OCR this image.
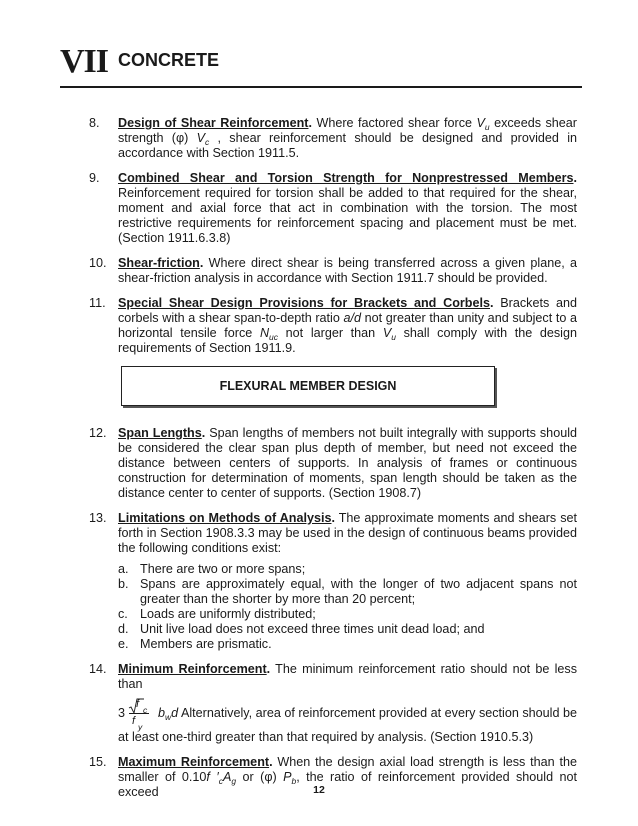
VII CONCRETE
8. Design of Shear Reinforcement. Where factored shear force $V_u$ exceeds shear strength (φ) $V_c$ , shear reinforcement should be designed and provided in accordance with Section 1911.5.
9. Combined Shear and Torsion Strength for Nonprestressed Members. Reinforcement required for torsion shall be added to that required for the shear, moment and axial force that act in combination with the torsion. The most restrictive requirements for reinforcement spacing and placement must be met. (Section 1911.6.3.8)
10. Shear-friction. Where direct shear is being transferred across a given plane, a shear-friction analysis in accordance with Section 1911.7 should be provided.
11. Special Shear Design Provisions for Brackets and Corbels. Brackets and corbels with a shear span-to-depth ratio a/d not greater than unity and subject to a horizontal tensile force $N_{uc}$ not larger than $V_u$ shall comply with the design requirements of Section 1911.9.
FLEXURAL MEMBER DESIGN
12. Span Lengths. Span lengths of members not built integrally with supports should be considered the clear span plus depth of member, but need not exceed the distance between centers of supports. In analysis of frames or continuous construction for determination of moments, span length should be taken as the distance center to center of supports. (Section 1908.7)
13. Limitations on Methods of Analysis. The approximate moments and shears set forth in Section 1908.3.3 may be used in the design of continuous beams provided the following conditions exist:
a. There are two or more spans;
b. Spans are approximately equal, with the longer of two adjacent spans not greater than the shorter by more than 20 percent;
c. Loads are uniformly distributed;
d. Unit live load does not exceed three times unit dead load; and
e. Members are prismatic.
14. Minimum Reinforcement. The minimum reinforcement ratio should not be less than
3
f c
f y
$b_wd$ Alternatively, area of reinforcement provided at every section should be
at least one-third greater than that required by analysis. (Section 1910.5.3)
15. Maximum Reinforcement. When the design axial load strength is less than the smaller of 0.10f $'_cA_g$ or (φ) $P_b$, the ratio of reinforcement provided should not exceed	12
